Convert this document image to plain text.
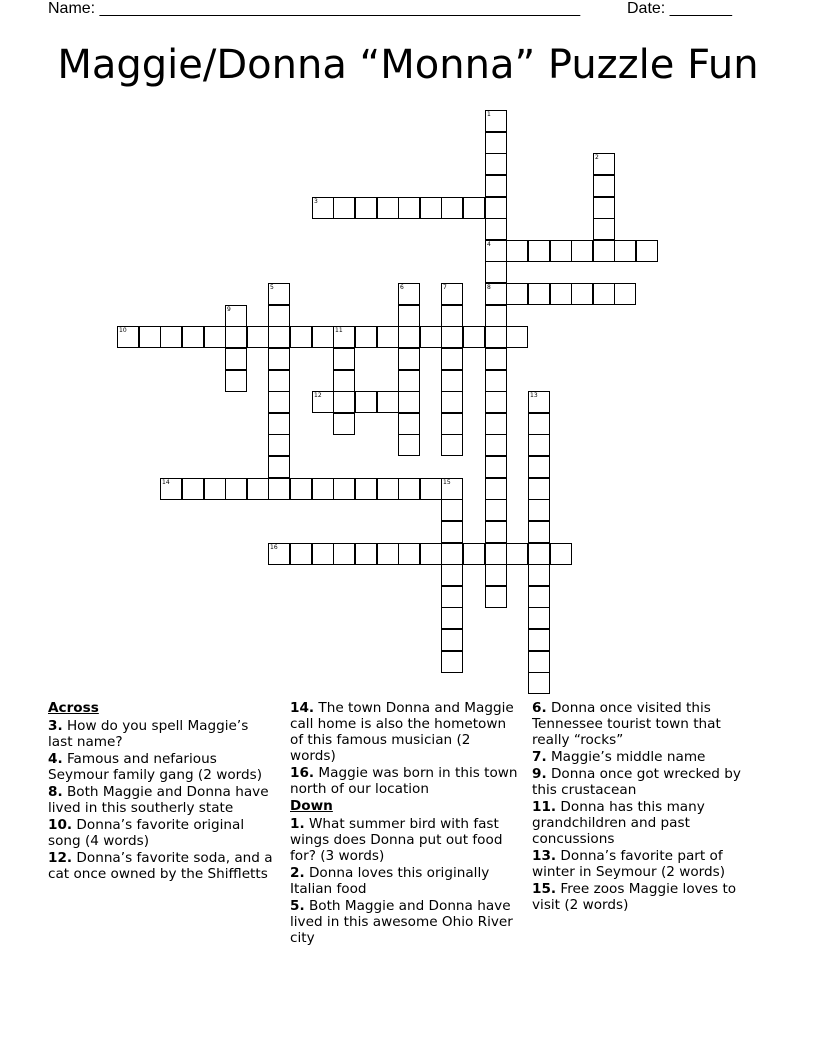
Name: ______________________________________________________	Date: _______
Maggie/Donna “Monna” Puzzle Fun
1
2
3
4
5	6	7	8
9
10	11
12	13
14	15
16
Across
3. How do you spell Maggie’s last name?
4. Famous and nefarious Seymour family gang (2 words)
8. Both Maggie and Donna have lived in this southerly state
10. Donna’s favorite original song (4 words)
12. Donna’s favorite soda, and a cat once owned by the Shiffletts
14. The town Donna and Maggie call home is also the hometown of this famous musician (2 words)
16. Maggie was born in this town north of our location
Down
1. What summer bird with fast wings does Donna put out food for? (3 words)
2. Donna loves this originally Italian food
5. Both Maggie and Donna have lived in this awesome Ohio River city
6. Donna once visited this Tennessee tourist town that really “rocks”
7. Maggie’s middle name
9. Donna once got wrecked by this crustacean
11. Donna has this many grandchildren and past concussions
13. Donna’s favorite part of winter in Seymour (2 words)
15. Free zoos Maggie loves to visit (2 words)
